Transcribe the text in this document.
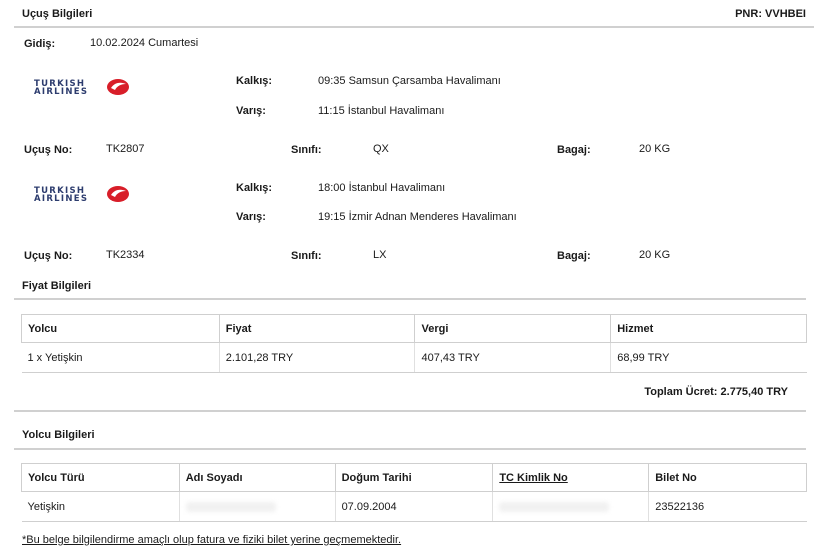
Uçuş Bilgileri	PNR: VVHBEI
Gidiş:	10.02.2024 Cumartesi
TURKISH
AIRLINES
Kalkış:	09:35 Samsun Çarsamba Havalimanı
Varış:	11:15 İstanbul Havalimanı
Uçuş No:	TK2807	Sınıfı:	QX	Bagaj:	20 KG
TURKISH
AIRLINES
Kalkış:	18:00 İstanbul Havalimanı
Varış:	19:15 İzmir Adnan Menderes Havalimanı
Uçuş No:	TK2334	Sınıfı:	LX	Bagaj:	20 KG
Fiyat Bilgileri
Yolcu	Fiyat	Vergi	Hizmet
1 x Yetişkin	2.101,28 TRY	407,43 TRY	68,99 TRY
Toplam Ücret: 2.775,40 TRY
Yolcu Bilgileri
Yolcu Türü	Adı Soyadı	Doğum Tarihi	TC Kimlik No	Bilet No
Yetişkin		07.09.2004		23522136
*Bu belge bilgilendirme amaçlı olup fatura ve fiziki bilet yerine geçmemektedir.
